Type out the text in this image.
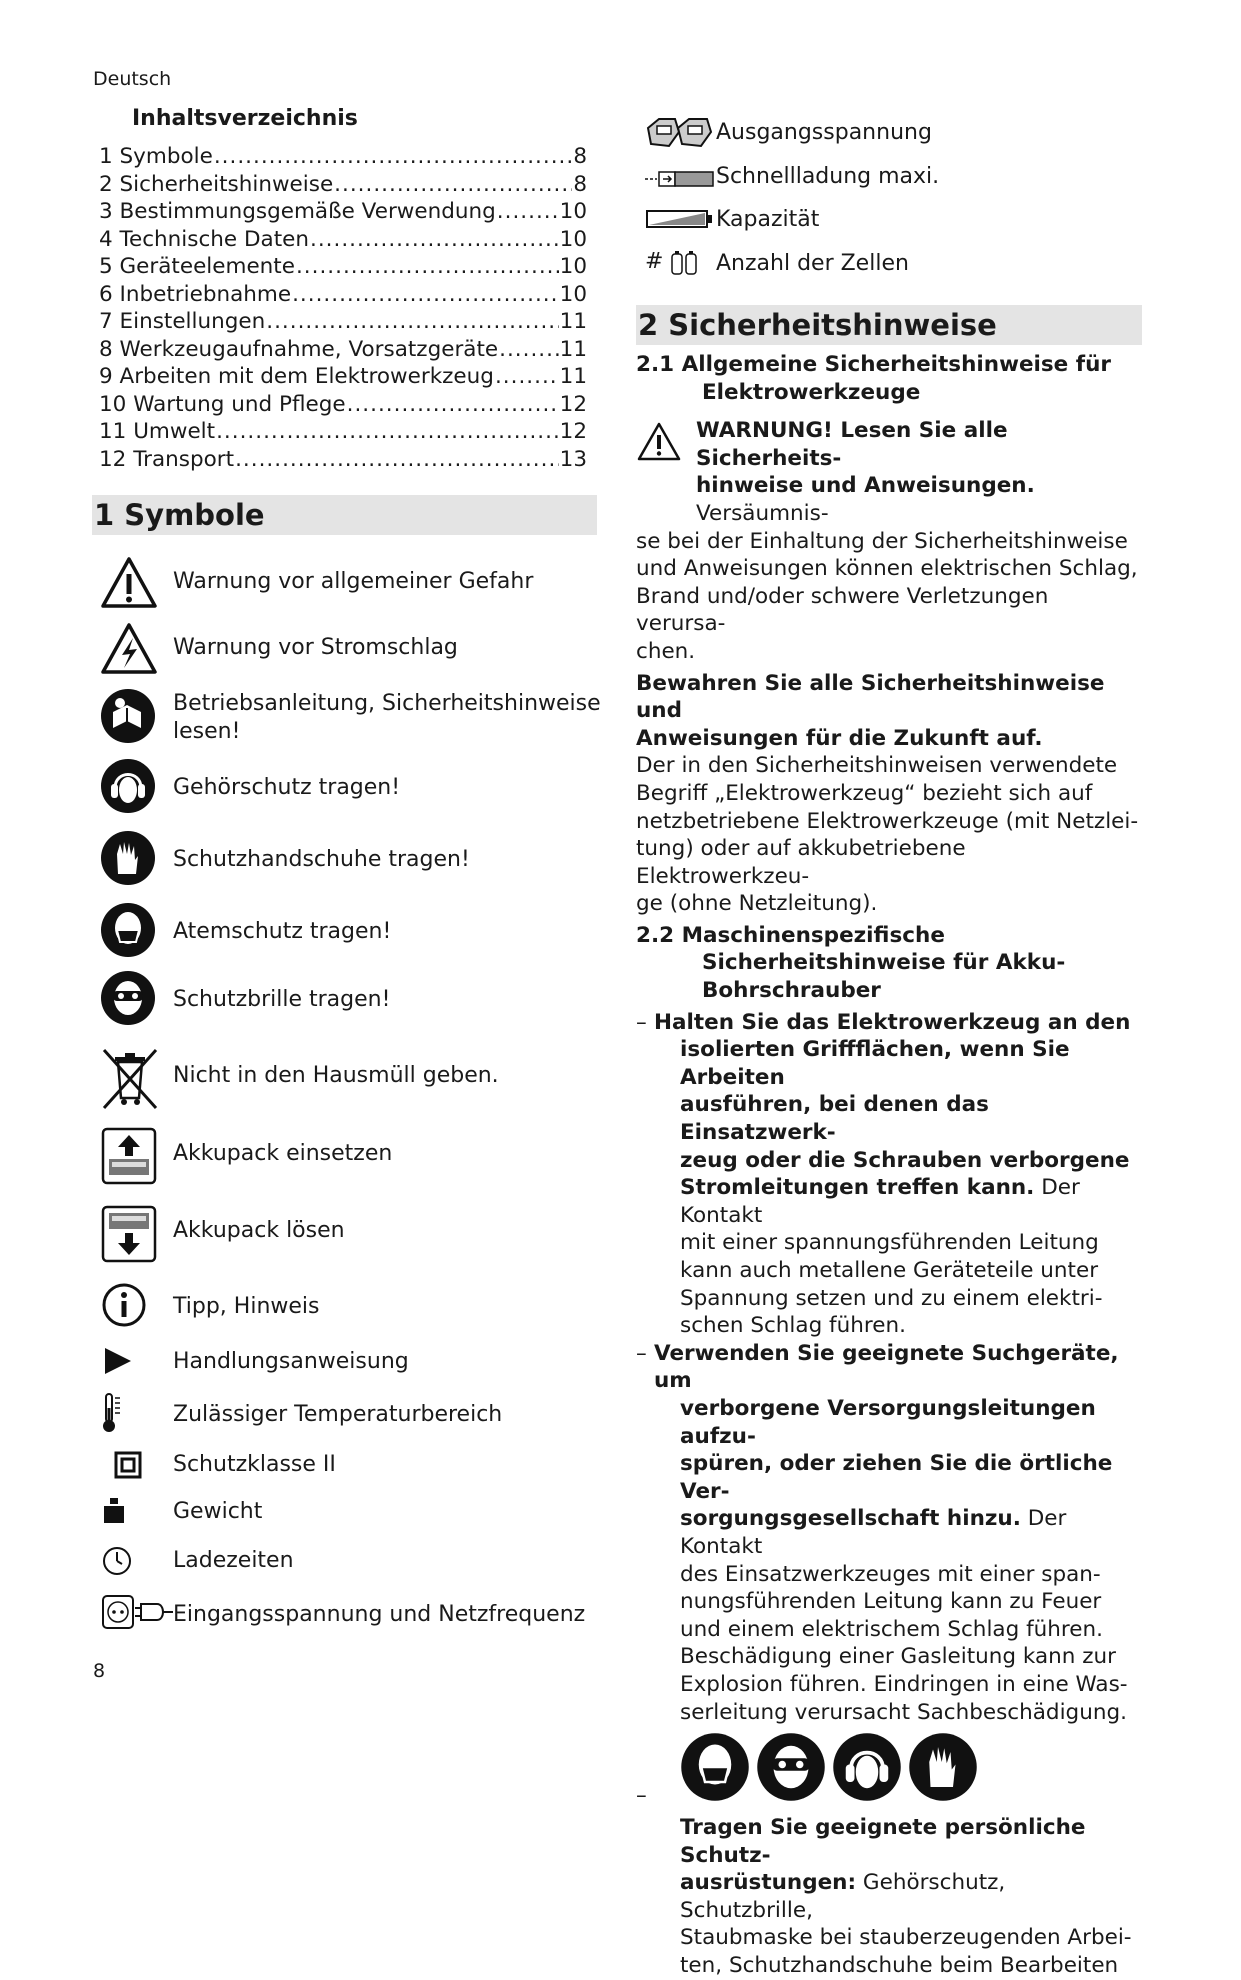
Deutsch
8
Inhaltsverzeichnis
1 Symbole .....	8
2 Sicherheitshinweise .....	8
3 Bestimmungsgemäße Verwendung .....	10
4 Technische Daten .....	10
5 Geräteelemente .....	10
6 Inbetriebnahme .....	10
7 Einstellungen .....	11
8 Werkzeugaufnahme, Vorsatzgeräte .....	11
9 Arbeiten mit dem Elektrowerkzeug .....	11
10 Wartung und Pflege .....	12
11 Umwelt .....	12
12 Transport .....	13
1 Symbole
Warnung vor allgemeiner Gefahr
Warnung vor Stromschlag
Betriebsanleitung, Sicherheitshinweise
lesen!
Gehörschutz tragen!
Schutzhandschuhe tragen!
Atemschutz tragen!
Schutzbrille tragen!
Nicht in den Hausmüll geben.
Akkupack einsetzen
Akkupack lösen
Tipp, Hinweis
Handlungsanweisung
Zulässiger Temperaturbereich
Schutzklasse II
Gewicht
Ladezeiten
Eingangsspannung und Netzfrequenz
Ausgangsspannung
Schnellladung maxi.
Kapazität
# Anzahl der Zellen
2 Sicherheitshinweise
2.1 Allgemeine Sicherheitshinweise für
Elektrowerkzeuge
WARNUNG! Lesen Sie alle Sicherheits-
hinweise und Anweisungen. Versäumnis-
se bei der Einhaltung der Sicherheitshinweise
und Anweisungen können elektrischen Schlag,
Brand und/oder schwere Verletzungen verursa-
chen.
Bewahren Sie alle Sicherheitshinweise und
Anweisungen für die Zukunft auf.
Der in den Sicherheitshinweisen verwendete
Begriff „Elektrowerkzeug“ bezieht sich auf
netzbetriebene Elektrowerkzeuge (mit Netzlei-
tung) oder auf akkubetriebene Elektrowerkzeu-
ge (ohne Netzleitung).
2.2 Maschinenspezifische
Sicherheitshinweise für Akku-
Bohrschrauber
– Halten Sie das Elektrowerkzeug an den
isolierten Griffflächen, wenn Sie Arbeiten
ausführen, bei denen das Einsatzwerk-
zeug oder die Schrauben verborgene
Stromleitungen treffen kann. Der Kontakt
mit einer spannungsführenden Leitung
kann auch metallene Geräteteile unter
Spannung setzen und zu einem elektri-
schen Schlag führen.
– Verwenden Sie geeignete Suchgeräte, um
verborgene Versorgungsleitungen aufzu-
spüren, oder ziehen Sie die örtliche Ver-
sorgungsgesellschaft hinzu. Der Kontakt
des Einsatzwerkzeuges mit einer span-
nungsführenden Leitung kann zu Feuer
und einem elektrischem Schlag führen.
Beschädigung einer Gasleitung kann zur
Explosion führen. Eindringen in eine Was-
serleitung verursacht Sachbeschädigung.
–
Tragen Sie geeignete persönliche Schutz-
ausrüstungen: Gehörschutz, Schutzbrille,
Staubmaske bei stauberzeugenden Arbei-
ten, Schutzhandschuhe beim Bearbeiten
